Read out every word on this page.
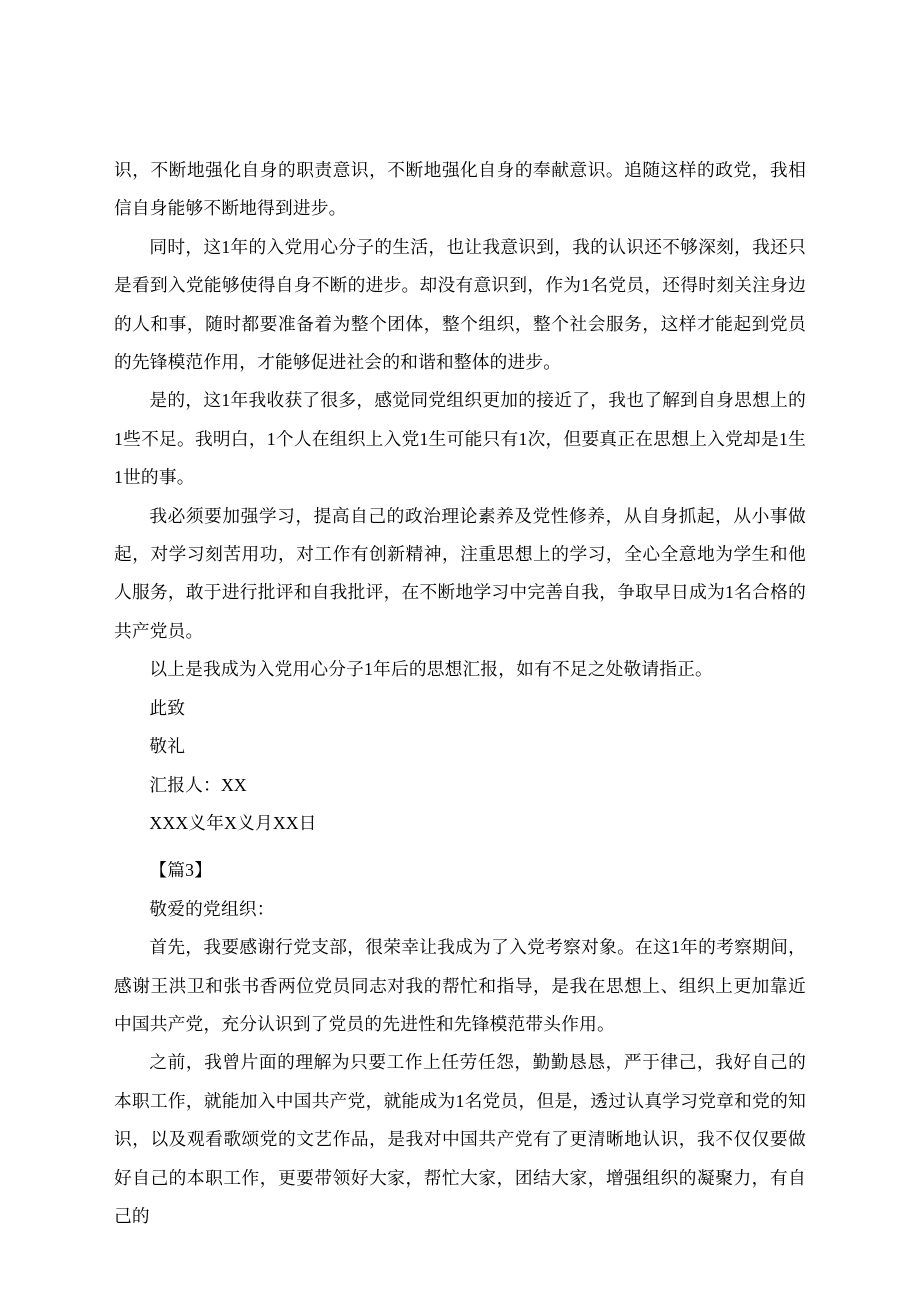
识，不断地强化自身的职责意识，不断地强化自身的奉献意识。追随这样的政党，我相信自身能够不断地得到进步。

同时，这1年的入党用心分子的生活，也让我意识到，我的认识还不够深刻，我还只是看到入党能够使得自身不断的进步。却没有意识到，作为1名党员，还得时刻关注身边的人和事，随时都要准备着为整个团体，整个组织，整个社会服务，这样才能起到党员的先锋模范作用，才能够促进社会的和谐和整体的进步。

是的，这1年我收获了很多，感觉同党组织更加的接近了，我也了解到自身思想上的1些不足。我明白，1个人在组织上入党1生可能只有1次，但要真正在思想上入党却是1生1世的事。

我必须要加强学习，提高自己的政治理论素养及党性修养，从自身抓起，从小事做起，对学习刻苦用功，对工作有创新精神，注重思想上的学习，全心全意地为学生和他人服务，敢于进行批评和自我批评，在不断地学习中完善自我，争取早日成为1名合格的共产党员。

以上是我成为入党用心分子1年后的思想汇报，如有不足之处敬请指正。

此致

敬礼

汇报人：XX

XXX义年X义月XX日

【篇3】

敬爱的党组织：

首先，我要感谢行党支部，很荣幸让我成为了入党考察对象。在这1年的考察期间，感谢王洪卫和张书香两位党员同志对我的帮忙和指导，是我在思想上、组织上更加靠近中国共产党，充分认识到了党员的先进性和先锋模范带头作用。

之前，我曾片面的理解为只要工作上任劳任怨，勤勤恳恳，严于律己，我好自己的本职工作，就能加入中国共产党，就能成为1名党员，但是，透过认真学习党章和党的知识，以及观看歌颂党的文艺作品，是我对中国共产党有了更清晰地认识，我不仅仅要做好自己的本职工作，更要带领好大家，帮忙大家，团结大家，增强组织的凝聚力，有自己的
